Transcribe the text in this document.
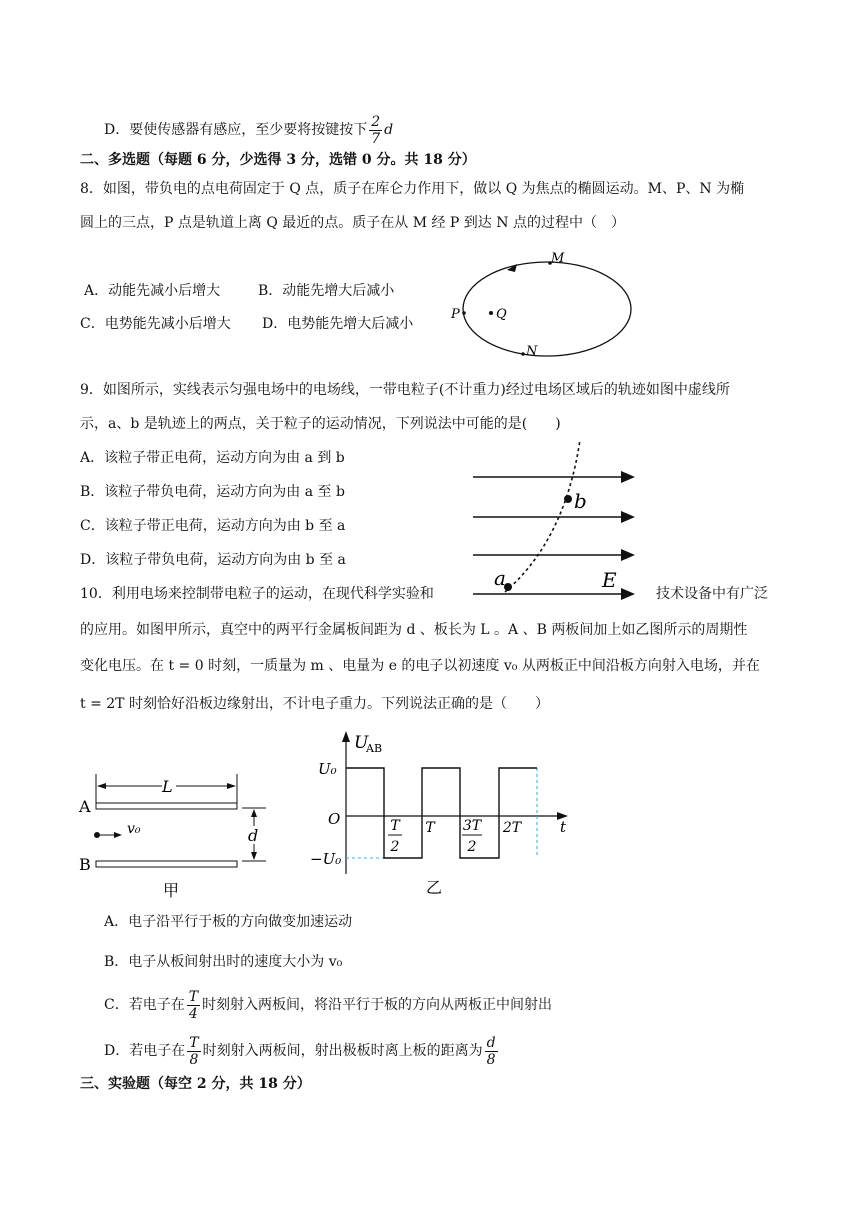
D．要使传感器有感应，至少要将按键按下 $\frac{2}{7}$ d
二、多选题（每题 6 分，少选得 3 分，选错 0 分。共 18 分）
8．如图，带负电的点电荷固定于 Q 点，质子在库仑力作用下，做以 Q 为焦点的椭圆运动。M、P、N 为椭
圆上的三点，P 点是轨道上离 Q 最近的点。质子在从 M 经 P 到达 N 点的过程中（　）
A．动能先减小后增大	B．动能先增大后减小
C．电势能先减小后增大 D．电势能先增大后减小
M
P	Q
N
9．如图所示，实线表示匀强电场中的电场线，一带电粒子(不计重力)经过电场区域后的轨迹如图中虚线所
示，a、b 是轨迹上的两点，关于粒子的运动情况，下列说法中可能的是(　　)
A．该粒子带正电荷，运动方向为由 a 到 b
B．该粒子带负电荷，运动方向为由 a 至 b
C．该粒子带正电荷，运动方向为由 b 至 a
D．该粒子带负电荷，运动方向为由 b 至 a
a
b
E
10．利用电场来控制带电粒子的运动，在现代科学实验和	技术设备中有广泛
的应用。如图甲所示，真空中的两平行金属板间距为 d 、板长为 L 。A 、B 两板间加上如乙图所示的周期性
变化电压。在 t = 0 时刻，一质量为 m 、电量为 e 的电子以初速度 v₀ 从两板正中间沿板方向射入电场，并在
t = 2T 时刻恰好沿板边缘射出，不计电子重力。下列说法正确的是（　　）
L
A
B
d
v₀
甲
U
AB
U₀
−U₀
O	t
T
2
T 3T
2
2T
乙
A．电子沿平行于板的方向做变加速运动
B．电子从板间射出时的速度大小为 v₀
C．若电子在 $\frac{T}{4}$ 时刻射入两板间，将沿平行于板的方向从两板正中间射出
D．若电子在 $\frac{T}{8}$ 时刻射入两板间，射出极板时离上板的距离为 $\frac{d}{8}$
三、实验题（每空 2 分，共 18 分）
